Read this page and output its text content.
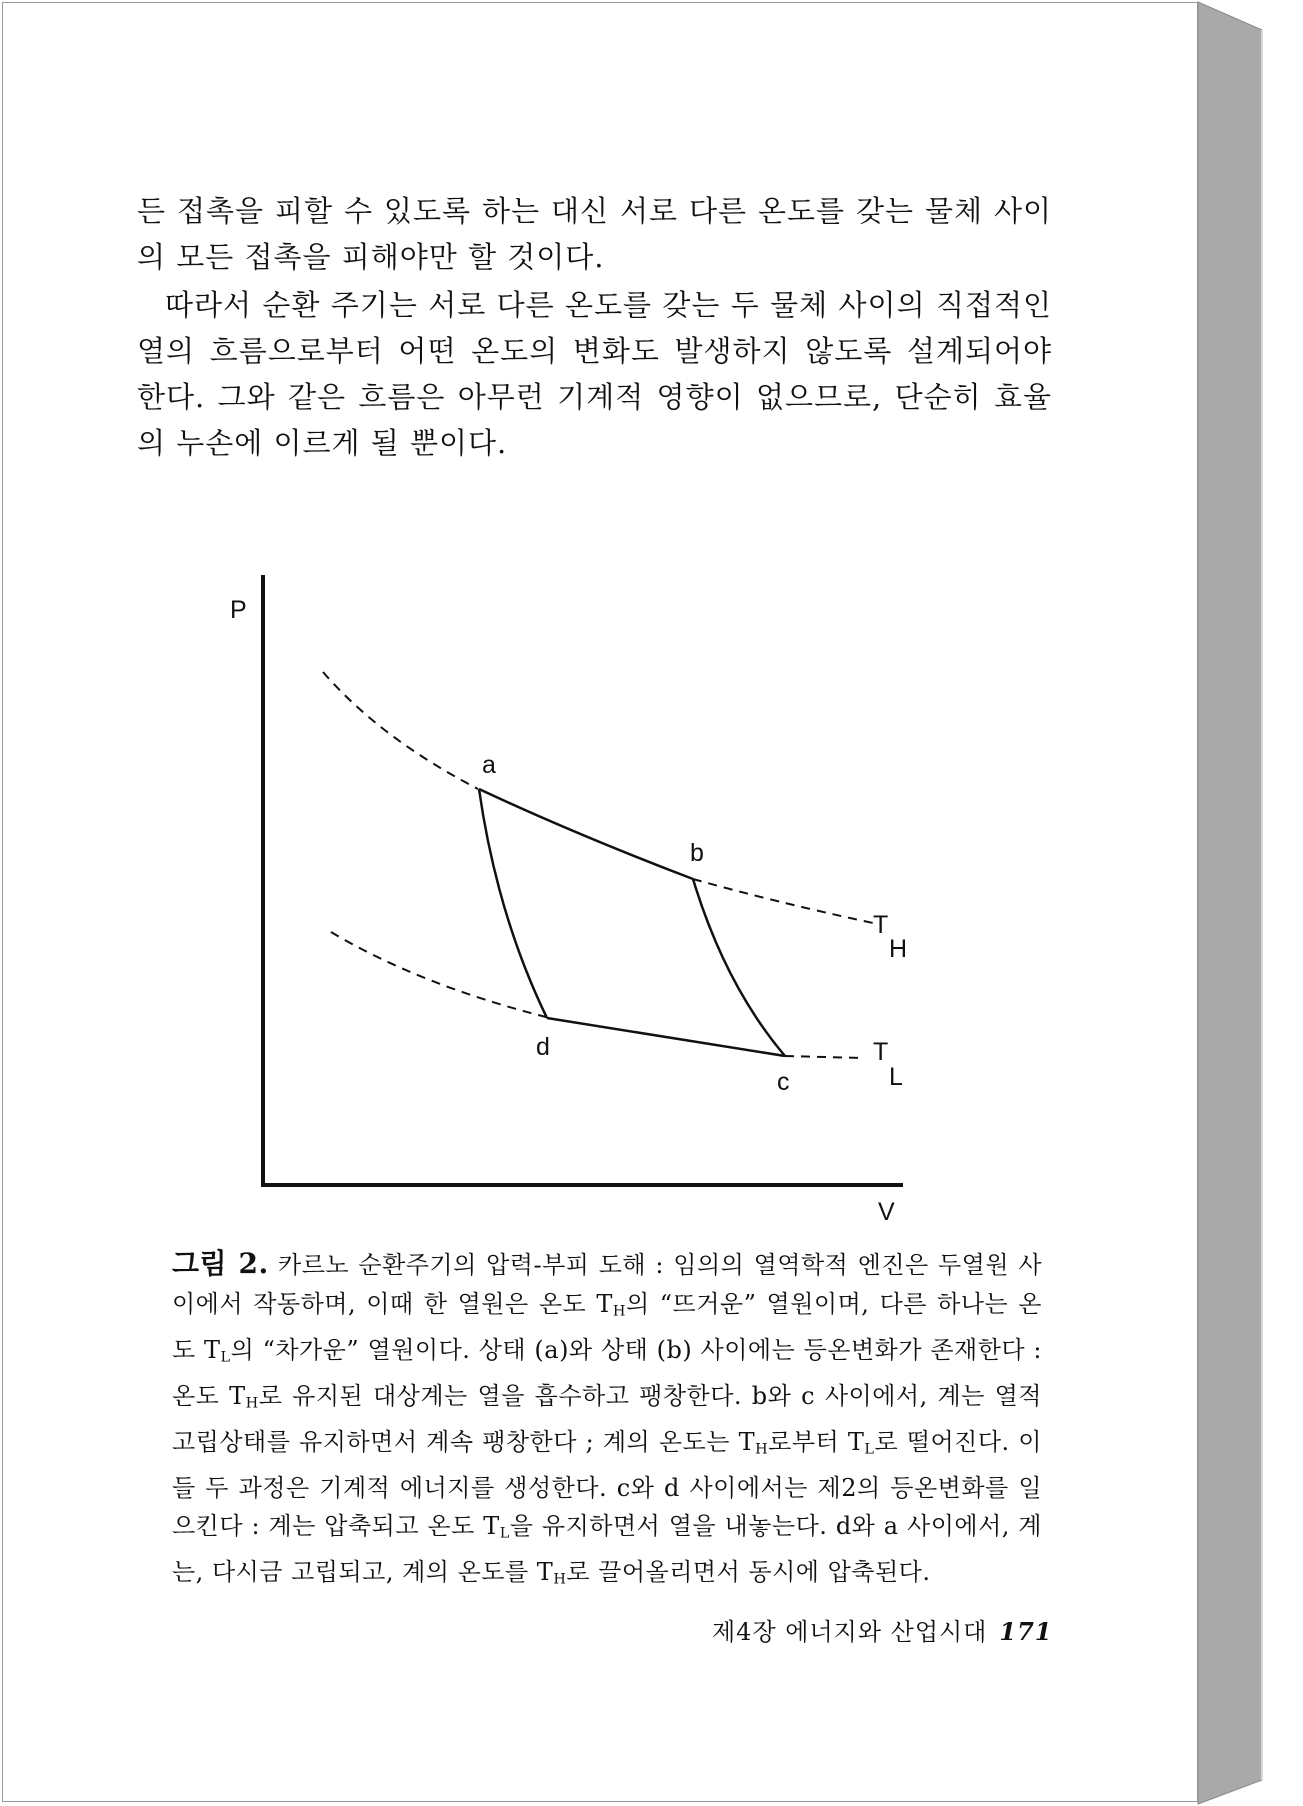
든 접촉을 피할 수 있도록 하는 대신 서로 다른 온도를 갖는 물체 사이의 모든 접촉을 피해야만 할 것이다.

따라서 순환 주기는 서로 다른 온도를 갖는 두 물체 사이의 직접적인 열의 흐름으로부터 어떤 온도의 변화도 발생하지 않도록 설계되어야 한다. 그와 같은 흐름은 아무런 기계적 영향이 없으므로, 단순히 효율의 누손에 이르게 될 뿐이다.

P
V
a
b
c
d
T
H
T
L
그림 2. 카르노 순환주기의 압력-부피 도해 : 임의의 열역학적 엔진은 두열원 사이에서 작동하며, 이때 한 열원은 온도 $T_H$의 “뜨거운” 열원이며, 다른 하나는 온도 $T_L$의 “차가운” 열원이다. 상태 (a)와 상태 (b) 사이에는 등온변화가 존재한다 : 온도 $T_H$로 유지된 대상계는 열을 흡수하고 팽창한다. b와 c 사이에서, 계는 열적 고립상태를 유지하면서 계속 팽창한다 ; 계의 온도는 $T_H$로부터 $T_L$로 떨어진다. 이들 두 과정은 기계적 에너지를 생성한다. c와 d 사이에서는 제2의 등온변화를 일으킨다 : 계는 압축되고 온도 $T_L$을 유지하면서 열을 내놓는다. d와 a 사이에서, 계는, 다시금 고립되고, 계의 온도를 $T_H$로 끌어올리면서 동시에 압축된다.
제4장 에너지와 산업시대 171
